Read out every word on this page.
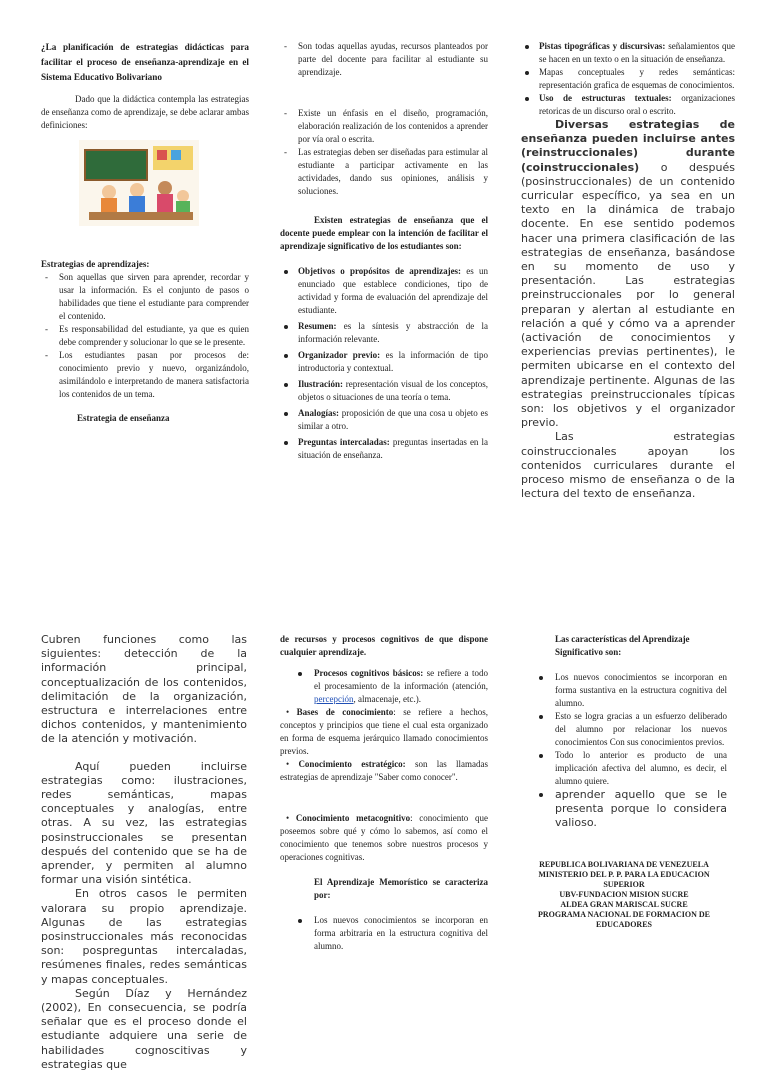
¿La planificación de estrategias didácticas para facilitar el proceso de enseñanza-aprendizaje en el Sistema Educativo Bolivariano

Dado que la didáctica contempla las estrategias de enseñanza como de aprendizaje, se debe aclarar ambas definiciones:

Estrategias de aprendizajes:

- Son aquellas que sirven para aprender, recordar y usar la información. Es el conjunto de pasos o habilidades que tiene el estudiante para comprender el contenido.
- Es responsabilidad del estudiante, ya que es quien debe comprender y solucionar lo que se le presente.
- Los estudiantes pasan por procesos de: conocimiento previo y nuevo, organizándolo, asimilándolo e interpretando de manera satisfactoria los contenidos de un tema.

Estrategia de enseñanza

- Son todas aquellas ayudas, recursos planteados por parte del docente para facilitar al estudiante su aprendizaje.
- Existe un énfasis en el diseño, programación, elaboración realización de los contenidos a aprender por vía oral o escrita.
- Las estrategias deben ser diseñadas para estimular al estudiante a participar activamente en las actividades, dando sus opiniones, análisis y soluciones.

Existen estrategias de enseñanza que el docente puede emplear con la intención de facilitar el aprendizaje significativo de los estudiantes son:

Objetivos o propósitos de aprendizajes: es un enunciado que establece condiciones, tipo de actividad y forma de evaluación del aprendizaje del estudiante.
Resumen: es la síntesis y abstracción de la información relevante.
Organizador previo: es la información de tipo introductoria y contextual.
Ilustración: representación visual de los conceptos, objetos o situaciones de una teoría o tema.
Analogías: proposición de que una cosa u objeto es similar a otro.
Preguntas intercaladas: preguntas insertadas en la situación de enseñanza.
Pistas tipográficas y discursivas: señalamientos que se hacen en un texto o en la situación de enseñanza.
Mapas conceptuales y redes semánticas: representación grafica de esquemas de conocimientos.
Uso de estructuras textuales: organizaciones retoricas de un discurso oral o escrito.

Diversas estrategias de enseñanza pueden incluirse antes (reinstruccionales) durante (coinstruccionales) o después (posinstruccionales) de un contenido curricular específico, ya sea en un texto en la dinámica de trabajo docente. En ese sentido podemos hacer una primera clasificación de las estrategias de enseñanza, basándose en su momento de uso y presentación. Las estrategias preinstruccionales por lo general preparan y alertan al estudiante en relación a qué y cómo va a aprender (activación de conocimientos y experiencias previas pertinentes), le permiten ubicarse en el contexto del aprendizaje pertinente. Algunas de las estrategias preinstruccionales típicas son: los objetivos y el organizador previo.

Las estrategias coinstruccionales apoyan los contenidos curriculares durante el proceso mismo de enseñanza o de la lectura del texto de enseñanza.

Cubren funciones como las siguientes: detección de la información principal, conceptualización de los contenidos, delimitación de la organización, estructura e interrelaciones entre dichos contenidos, y mantenimiento de la atención y motivación.

Aquí pueden incluirse estrategias como: ilustraciones, redes semánticas, mapas conceptuales y analogías, entre otras. A su vez, las estrategias posinstruccionales se presentan después del contenido que se ha de aprender, y permiten al alumno formar una visión sintética.

En otros casos le permiten valorara su propio aprendizaje. Algunas de las estrategias posinstruccionales más reconocidas son: pospreguntas intercaladas, resúmenes finales, redes semánticas y mapas conceptuales.

Según Díaz y Hernández (2002), En consecuencia, se podría señalar que es el proceso donde el estudiante adquiere una serie de habilidades cognoscitivas y estrategias que

de recursos y procesos cognitivos de que dispone cualquier aprendizaje.

Procesos cognitivos básicos: se refiere a todo el procesamiento de la información (atención, percepción, almacenaje, etc.).

• Bases de conocimiento: se refiere a hechos, conceptos y principios que tiene el cual esta organizado en forma de esquema jerárquico llamado conocimientos previos.

• Conocimiento estratégico: son las llamadas estrategias de aprendizaje "Saber como conocer".

• Conocimiento metacognitivo: conocimiento que poseemos sobre qué y cómo lo sabemos, así como el conocimiento que tenemos sobre nuestros procesos y operaciones cognitivas.

El Aprendizaje Memorístico se caracteriza por:

Los nuevos conocimientos se incorporan en forma arbitraria en la estructura cognitiva del alumno.

Las características del Aprendizaje Significativo son:

Los nuevos conocimientos se incorporan en forma sustantiva en la estructura cognitiva del alumno.
Esto se logra gracias a un esfuerzo deliberado del alumno por relacionar los nuevos conocimientos Con sus conocimientos previos.
Todo lo anterior es producto de una implicación afectiva del alumno, es decir, el alumno quiere.
aprender aquello que se le presenta porque lo considera valioso.

REPUBLICA BOLIVARIANA DE VENEZUELA

MINISTERIO DEL P. P. PARA LA EDUCACION SUPERIOR

UBV-FUNDACION MISION SUCRE

ALDEA GRAN MARISCAL SUCRE

PROGRAMA NACIONAL DE FORMACION DE EDUCADORES
